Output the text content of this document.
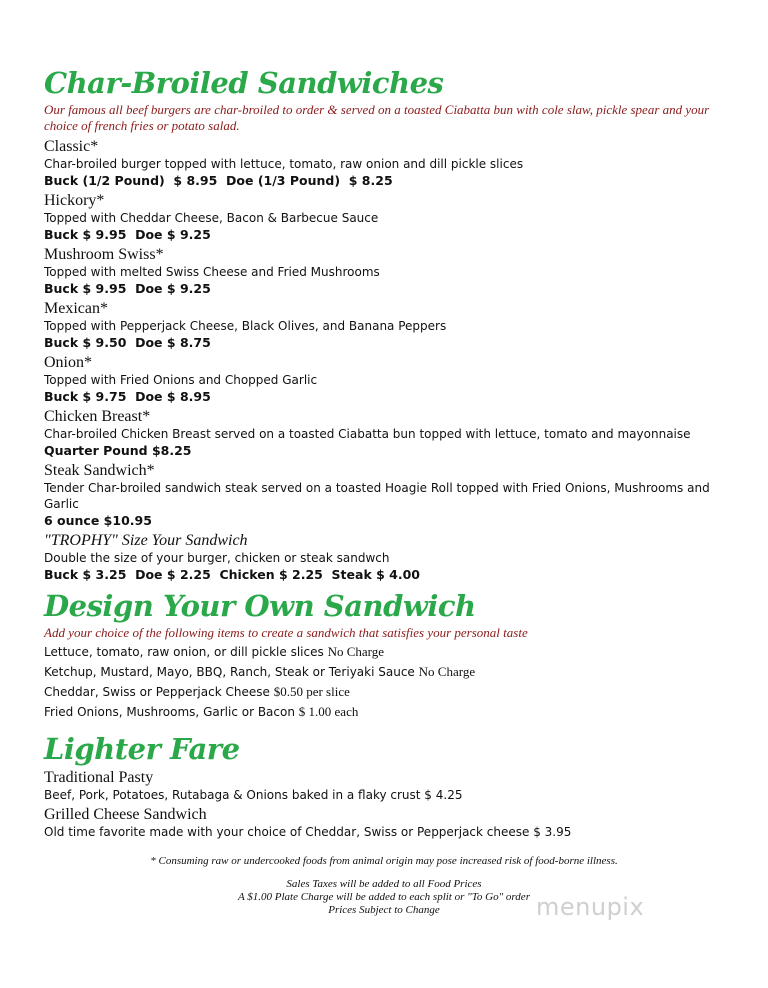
Char-Broiled Sandwiches
Our famous all beef burgers are char-broiled to order & served on a toasted Ciabatta bun with cole slaw, pickle spear and your choice of french fries or potato salad.
Classic*
Char-broiled burger topped with lettuce, tomato, raw onion and dill pickle slices
Buck (1/2 Pound)  $ 8.95  Doe (1/3 Pound)  $ 8.25
Hickory*
Topped with Cheddar Cheese, Bacon & Barbecue Sauce
Buck $ 9.95  Doe $ 9.25
Mushroom Swiss*
Topped with melted Swiss Cheese and Fried Mushrooms
Buck $ 9.95  Doe $ 9.25
Mexican*
Topped with Pepperjack Cheese, Black Olives, and Banana Peppers
Buck $ 9.50  Doe $ 8.75
Onion*
Topped with Fried Onions and Chopped Garlic
Buck $ 9.75  Doe $ 8.95
Chicken Breast*
Char-broiled Chicken Breast served on a toasted Ciabatta bun topped with lettuce, tomato and mayonnaise
Quarter Pound $8.25
Steak Sandwich*
Tender Char-broiled sandwich steak served on a toasted Hoagie Roll topped with Fried Onions, Mushrooms and Garlic
6 ounce $10.95
"TROPHY" Size Your Sandwich
Double the size of your burger, chicken or steak sandwch
Buck $ 3.25  Doe $ 2.25  Chicken $ 2.25  Steak $ 4.00
Design Your Own Sandwich
Add your choice of the following items to create a sandwich that satisfies your personal taste
Lettuce, tomato, raw onion, or dill pickle slices No Charge
Ketchup, Mustard, Mayo, BBQ, Ranch, Steak or Teriyaki Sauce No Charge
Cheddar, Swiss or Pepperjack Cheese $0.50 per slice
Fried Onions, Mushrooms, Garlic or Bacon $ 1.00 each
Lighter Fare
Traditional Pasty
Beef, Pork, Potatoes, Rutabaga & Onions baked in a flaky crust $ 4.25
Grilled Cheese Sandwich
Old time favorite made with your choice of Cheddar, Swiss or Pepperjack cheese $ 3.95
* Consuming raw or undercooked foods from animal origin may pose increased risk of food-borne illness.
Sales Taxes will be added to all Food Prices
A $1.00 Plate Charge will be added to each split or "To Go" order
Prices Subject to Change	menupix
